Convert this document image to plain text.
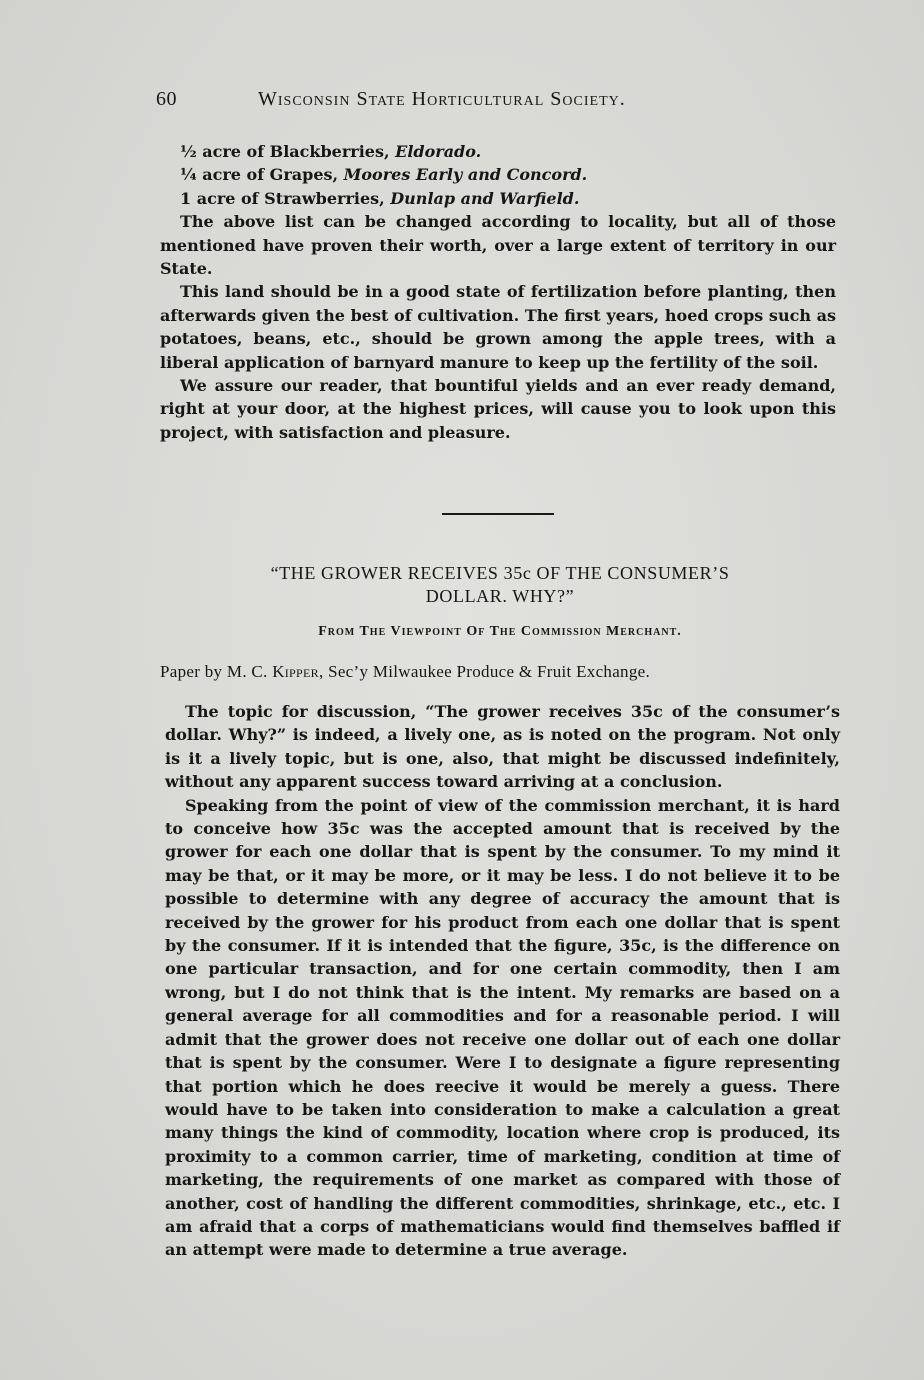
60	Wisconsin State Horticultural Society.
½ acre of Blackberries, Eldorado.
¼ acre of Grapes, Moores Early and Concord.
1 acre of Strawberries, Dunlap and Warfield.

The above list can be changed according to locality, but all of those mentioned have proven their worth, over a large extent of territory in our State.

This land should be in a good state of fertilization before planting, then afterwards given the best of cultivation. The first years, hoed crops such as potatoes, beans, etc., should be grown among the apple trees, with a liberal application of barnyard manure to keep up the fertility of the soil.

We assure our reader, that bountiful yields and an ever ready demand, right at your door, at the highest prices, will cause you to look upon this project, with satisfaction and pleasure.

“THE GROWER RECEIVES 35c OF THE CONSUMER’S
DOLLAR. WHY?”
From The Viewpoint Of The Commission Merchant.
Paper by M. C. Kipper, Sec’y Milwaukee Produce & Fruit Exchange.

The topic for discussion, “The grower receives 35c of the consumer’s dollar. Why?” is indeed, a lively one, as is noted on the program. Not only is it a lively topic, but is one, also, that might be discussed indefinitely, without any apparent success toward arriving at a conclusion.

Speaking from the point of view of the commission merchant, it is hard to conceive how 35c was the accepted amount that is received by the grower for each one dollar that is spent by the consumer. To my mind it may be that, or it may be more, or it may be less. I do not believe it to be possible to determine with any degree of accuracy the amount that is received by the grower for his product from each one dollar that is spent by the consumer. If it is intended that the figure, 35c, is the difference on one particular transaction, and for one certain commodity, then I am wrong, but I do not think that is the intent. My remarks are based on a general average for all commodities and for a reasonable period. I will admit that the grower does not receive one dollar out of each one dollar that is spent by the consumer. Were I to designate a figure representing that portion which he does reecive it would be merely a guess. There would have to be taken into consideration to make a calculation a great many things the kind of commodity, location where crop is produced, its proximity to a common carrier, time of marketing, condition at time of marketing, the requirements of one market as compared with those of another, cost of handling the different commodities, shrinkage, etc., etc. I am afraid that a corps of mathematicians would find themselves baffled if an attempt were made to determine a true average.
